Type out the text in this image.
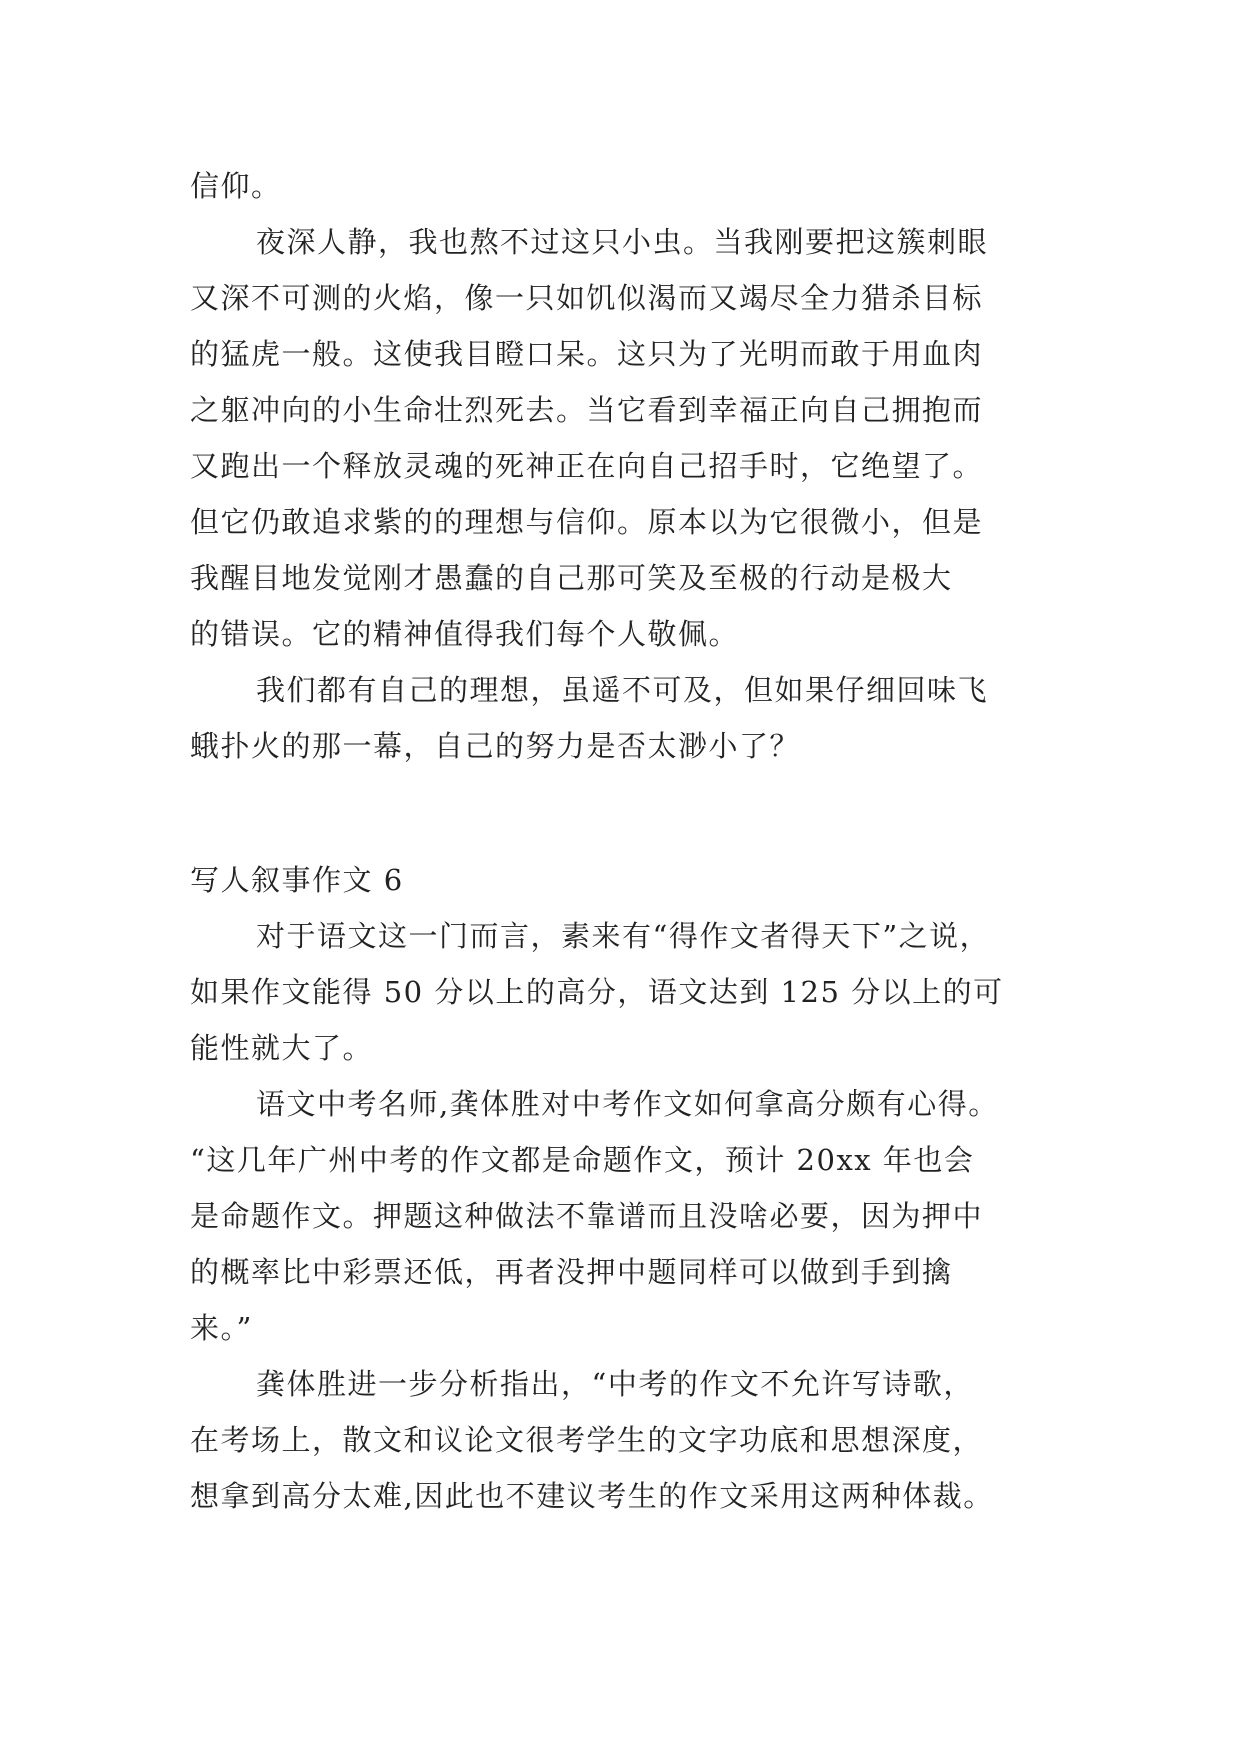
信仰。
夜深人静，我也熬不过这只小虫。当我刚要把这簇刺眼
又深不可测的火焰，像一只如饥似渴而又竭尽全力猎杀目标
的猛虎一般。这使我目瞪口呆。这只为了光明而敢于用血肉
之躯冲向的小生命壮烈死去。当它看到幸福正向自己拥抱而
又跑出一个释放灵魂的死神正在向自己招手时，它绝望了。
但它仍敢追求紫的的理想与信仰。原本以为它很微小，但是
我醒目地发觉刚才愚蠢的自己那可笑及至极的行动是极大
的错误。它的精神值得我们每个人敬佩。
我们都有自己的理想，虽遥不可及，但如果仔细回味飞
蛾扑火的那一幕，自己的努力是否太渺小了？
写人叙事作文 6
对于语文这一门而言，素来有“得作文者得天下”之说，
如果作文能得 50 分以上的高分，语文达到 125 分以上的可
能性就大了。
语文中考名师,龚体胜对中考作文如何拿高分颇有心得。
“这几年广州中考的作文都是命题作文，预计 20xx 年也会
是命题作文。押题这种做法不靠谱而且没啥必要，因为押中
的概率比中彩票还低，再者没押中题同样可以做到手到擒
来。”
龚体胜进一步分析指出，“中考的作文不允许写诗歌，
在考场上，散文和议论文很考学生的文字功底和思想深度，
想拿到高分太难,因此也不建议考生的作文采用这两种体裁。
